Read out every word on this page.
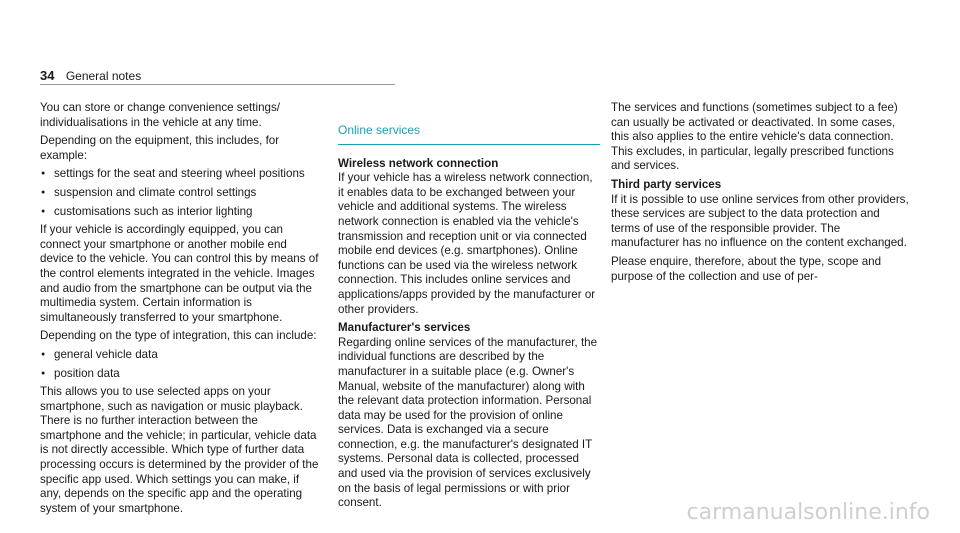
34 General notes

You can store or change convenience settings/ individualisations in the vehicle at any time.

Depending on the equipment, this includes, for example:

● settings for the seat and steering wheel positions
● suspension and climate control settings
● customisations such as interior lighting

If your vehicle is accordingly equipped, you can connect your smartphone or another mobile end device to the vehicle. You can control this by means of the control elements integrated in the vehicle. Images and audio from the smartphone can be output via the multimedia system. Certain information is simultaneously transferred to your smartphone.

Depending on the type of integration, this can include:

● general vehicle data
● position data

This allows you to use selected apps on your smartphone, such as navigation or music playback. There is no further interaction between the smartphone and the vehicle; in particular, vehicle data is not directly accessible. Which type of further data processing occurs is determined by the provider of the specific app used. Which settings you can make, if any, depends on the specific app and the operating system of your smartphone.

Online services
Wireless network connection

If your vehicle has a wireless network connection, it enables data to be exchanged between your vehicle and additional systems. The wireless network connection is enabled via the vehicle's transmission and reception unit or via connected mobile end devices (e.g. smartphones). Online functions can be used via the wireless network connection. This includes online services and applications/apps provided by the manufacturer or other providers.

Manufacturer's services

Regarding online services of the manufacturer, the individual functions are described by the manufacturer in a suitable place (e.g. Owner's Manual, website of the manufacturer) along with the relevant data protection information. Personal data may be used for the provision of online services. Data is exchanged via a secure connection, e.g. the manufacturer's designated IT systems. Personal data is collected, processed and used via the provision of services exclusively on the basis of legal permissions or with prior consent.

The services and functions (sometimes subject to a fee) can usually be activated or deactivated. In some cases, this also applies to the entire vehicle's data connection. This excludes, in particular, legally prescribed functions and services.

Third party services

If it is possible to use online services from other providers, these services are subject to the data protection and terms of use of the responsible provider. The manufacturer has no influence on the content exchanged.

Please enquire, therefore, about the type, scope and purpose of the collection and use of per-

carmanualsonline.info
